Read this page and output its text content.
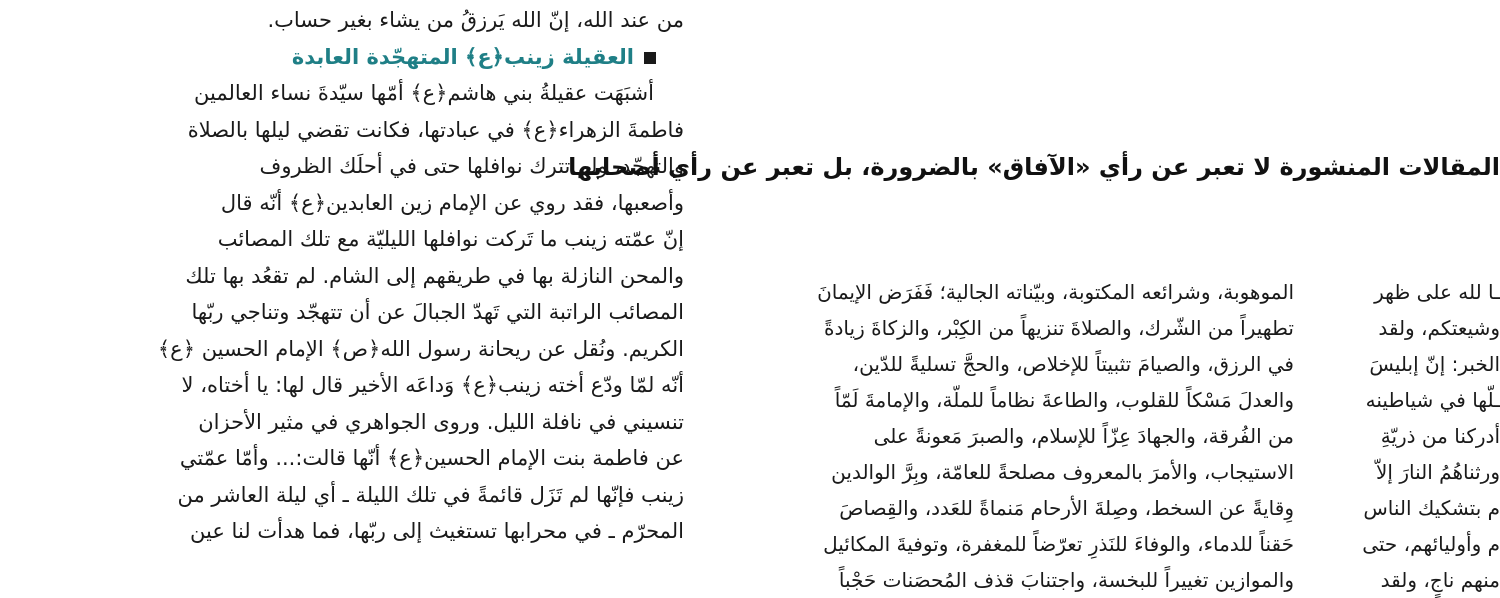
من عند الله، إنّ الله يَرزقُ من يشاء بغير حساب.
العقيلة زينب﴿ع﴾ المتهجّدة العابدة
أشبَهَت عقيلةُ بني هاشم﴿ع﴾ أمّها سيّدةَ نساء العالمين
فاطمةَ الزهراء﴿ع﴾ في عبادتها، فكانت تقضي ليلها بالصلاة
والتهجّد، ولم تترك نوافلها حتى في أحلَك الظروف
وأصعبها، فقد روي عن الإمام زين العابدين﴿ع﴾ أنّه قال
إنّ عمّته زينب ما تَركت نوافلها الليليّة مع تلك المصائب
والمحن النازلة بها في طريقهم إلى الشام. لم تقعُد بها تلك
المصائب الراتبة التي تَهدّ الجبالَ عن أن تتهجّد وتناجي ربّها
الكريم. ونُقل عن ريحانة رسول الله﴿ص﴾ الإمام الحسين ﴿ع﴾
أنّه لمّا ودّع أخته زينب﴿ع﴾ وَداعَه الأخير قال لها: يا أختاه، لا
تنسيني في نافلة الليل. وروى الجواهري في مثير الأحزان
عن فاطمة بنت الإمام الحسين﴿ع﴾ أنّها قالت:... وأمّا عمّتي
زينب فإنّها لم تَزَل قائمةً في تلك الليلة ـ أي ليلة العاشر من
المحرّم ـ في محرابها تستغيث إلى ربّها، فما هدأت لنا عين
المقالات المنشورة لا تعبر عن رأي «الآفاق» بالضرورة، بل تعبر عن رأي أصحابها
الموهوبة، وشرائعه المكتوبة، وبيّناته الجالية؛ فَفَرَض الإيمانَ
تطهيراً من الشّرك، والصلاةَ تنزيهاً من الكِبْر، والزكاةَ زيادةً
في الرزق، والصيامَ تثبيتاً للإخلاص، والحجَّ تسليةً للدّين،
والعدلَ مَسْكاً للقلوب، والطاعةَ نظاماً للملّة، والإمامةَ لَمّاً
من الفُرقة، والجهادَ عِزّاً للإسلام، والصبرَ مَعونةً على
الاستيجاب، والأمرَ بالمعروف مصلحةً للعامّة، وبِرَّ الوالدين
وِقايةً عن السخط، وصِلةَ الأرحام مَنماةً للعَدد، والقِصاصَ
حَقناً للدماء، والوفاءَ للنَذرِ تعرّضاً للمغفرة، وتوفيةَ المكائيل
والموازين تغييراً للبخسة، واجتنابَ قذف المُحصَنات حَجْباً
ـا لله على ظهر
وشيعتكم، ولقد
الخبر: إنّ إبليسَ
ـلّها في شياطينه
أدركنا من ذريّةِ
ورثناهُمُ النارَ إلاّ
م بتشكيك الناس
م وأوليائهم، حتى
منهم ناجٍ، ولقد
